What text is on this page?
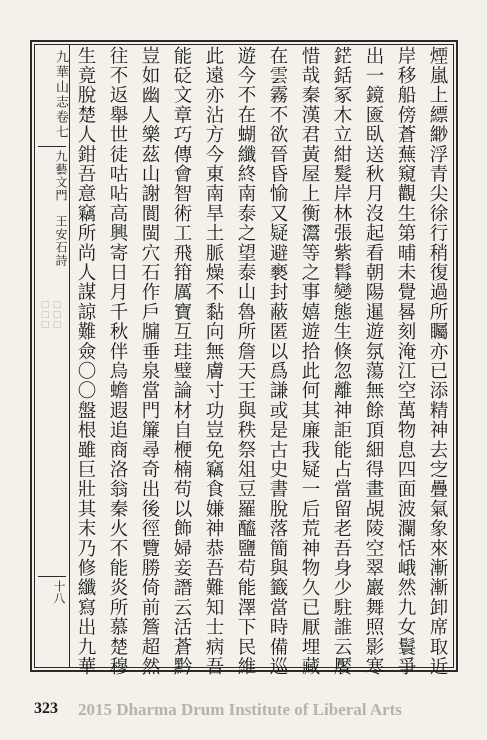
九華山志卷七
九藝文門　王安石詩
十八
□□□ □□□	煙嵐上縹緲浮青尖徐行稍復過所矚亦已添精神去㝎疊氣象來漸漸卸席取近
岸移船傍蒼蕪窺觀生第晡未覺晷刻淹江空萬物息四面波瀾恬峨然九女鬟爭
出一鏡匳臥送秋月沒起看朝陽暹遊氛蕩無餘頂細得畫覘陵空翠巖舞照影寒
鋩銛冢木立紺髮岸林張紫髥變態生倏忽離神詎能占當留老吾身少駐誰云饜
惜哉秦漢君黃屋上衡灊等之事嬉遊拾此何其廉我疑一后荒神物久已厭埋藏
在雲霧不欲晉昏愉又疑避褻封蔽匿以爲謙或是古史書脫落簡與籤當時備巡
遊今不在蝴纖終南泰之望泰山魯所詹天王與秩祭俎豆羅醯鹽苟能澤下民維
此遠亦沾方今東南旱土脈燥不黏向無膚寸功豈免竊食嫌神恭吾難知士病吾
能砭文章巧傳會智術工飛箝厲寶互珪璧論材自楩楠苟以飾婦妾譖云活蒼黔
豈如幽人樂茲山謝閬閩穴石作戶牖垂泉當門簾尋奇出後徑覽勝倚前簷超然
往不返舉世徒咕呫高興寄日月千秋伴烏蟾遐追商洛翁秦火不能炎所慕楚穆
生竟脫楚人鉗吾意竊所尚人謀諒難僉〇〇盤根雖巨壯其末乃修纖寫出九華
323 2015 Dharma Drum Institute of Liberal Arts
